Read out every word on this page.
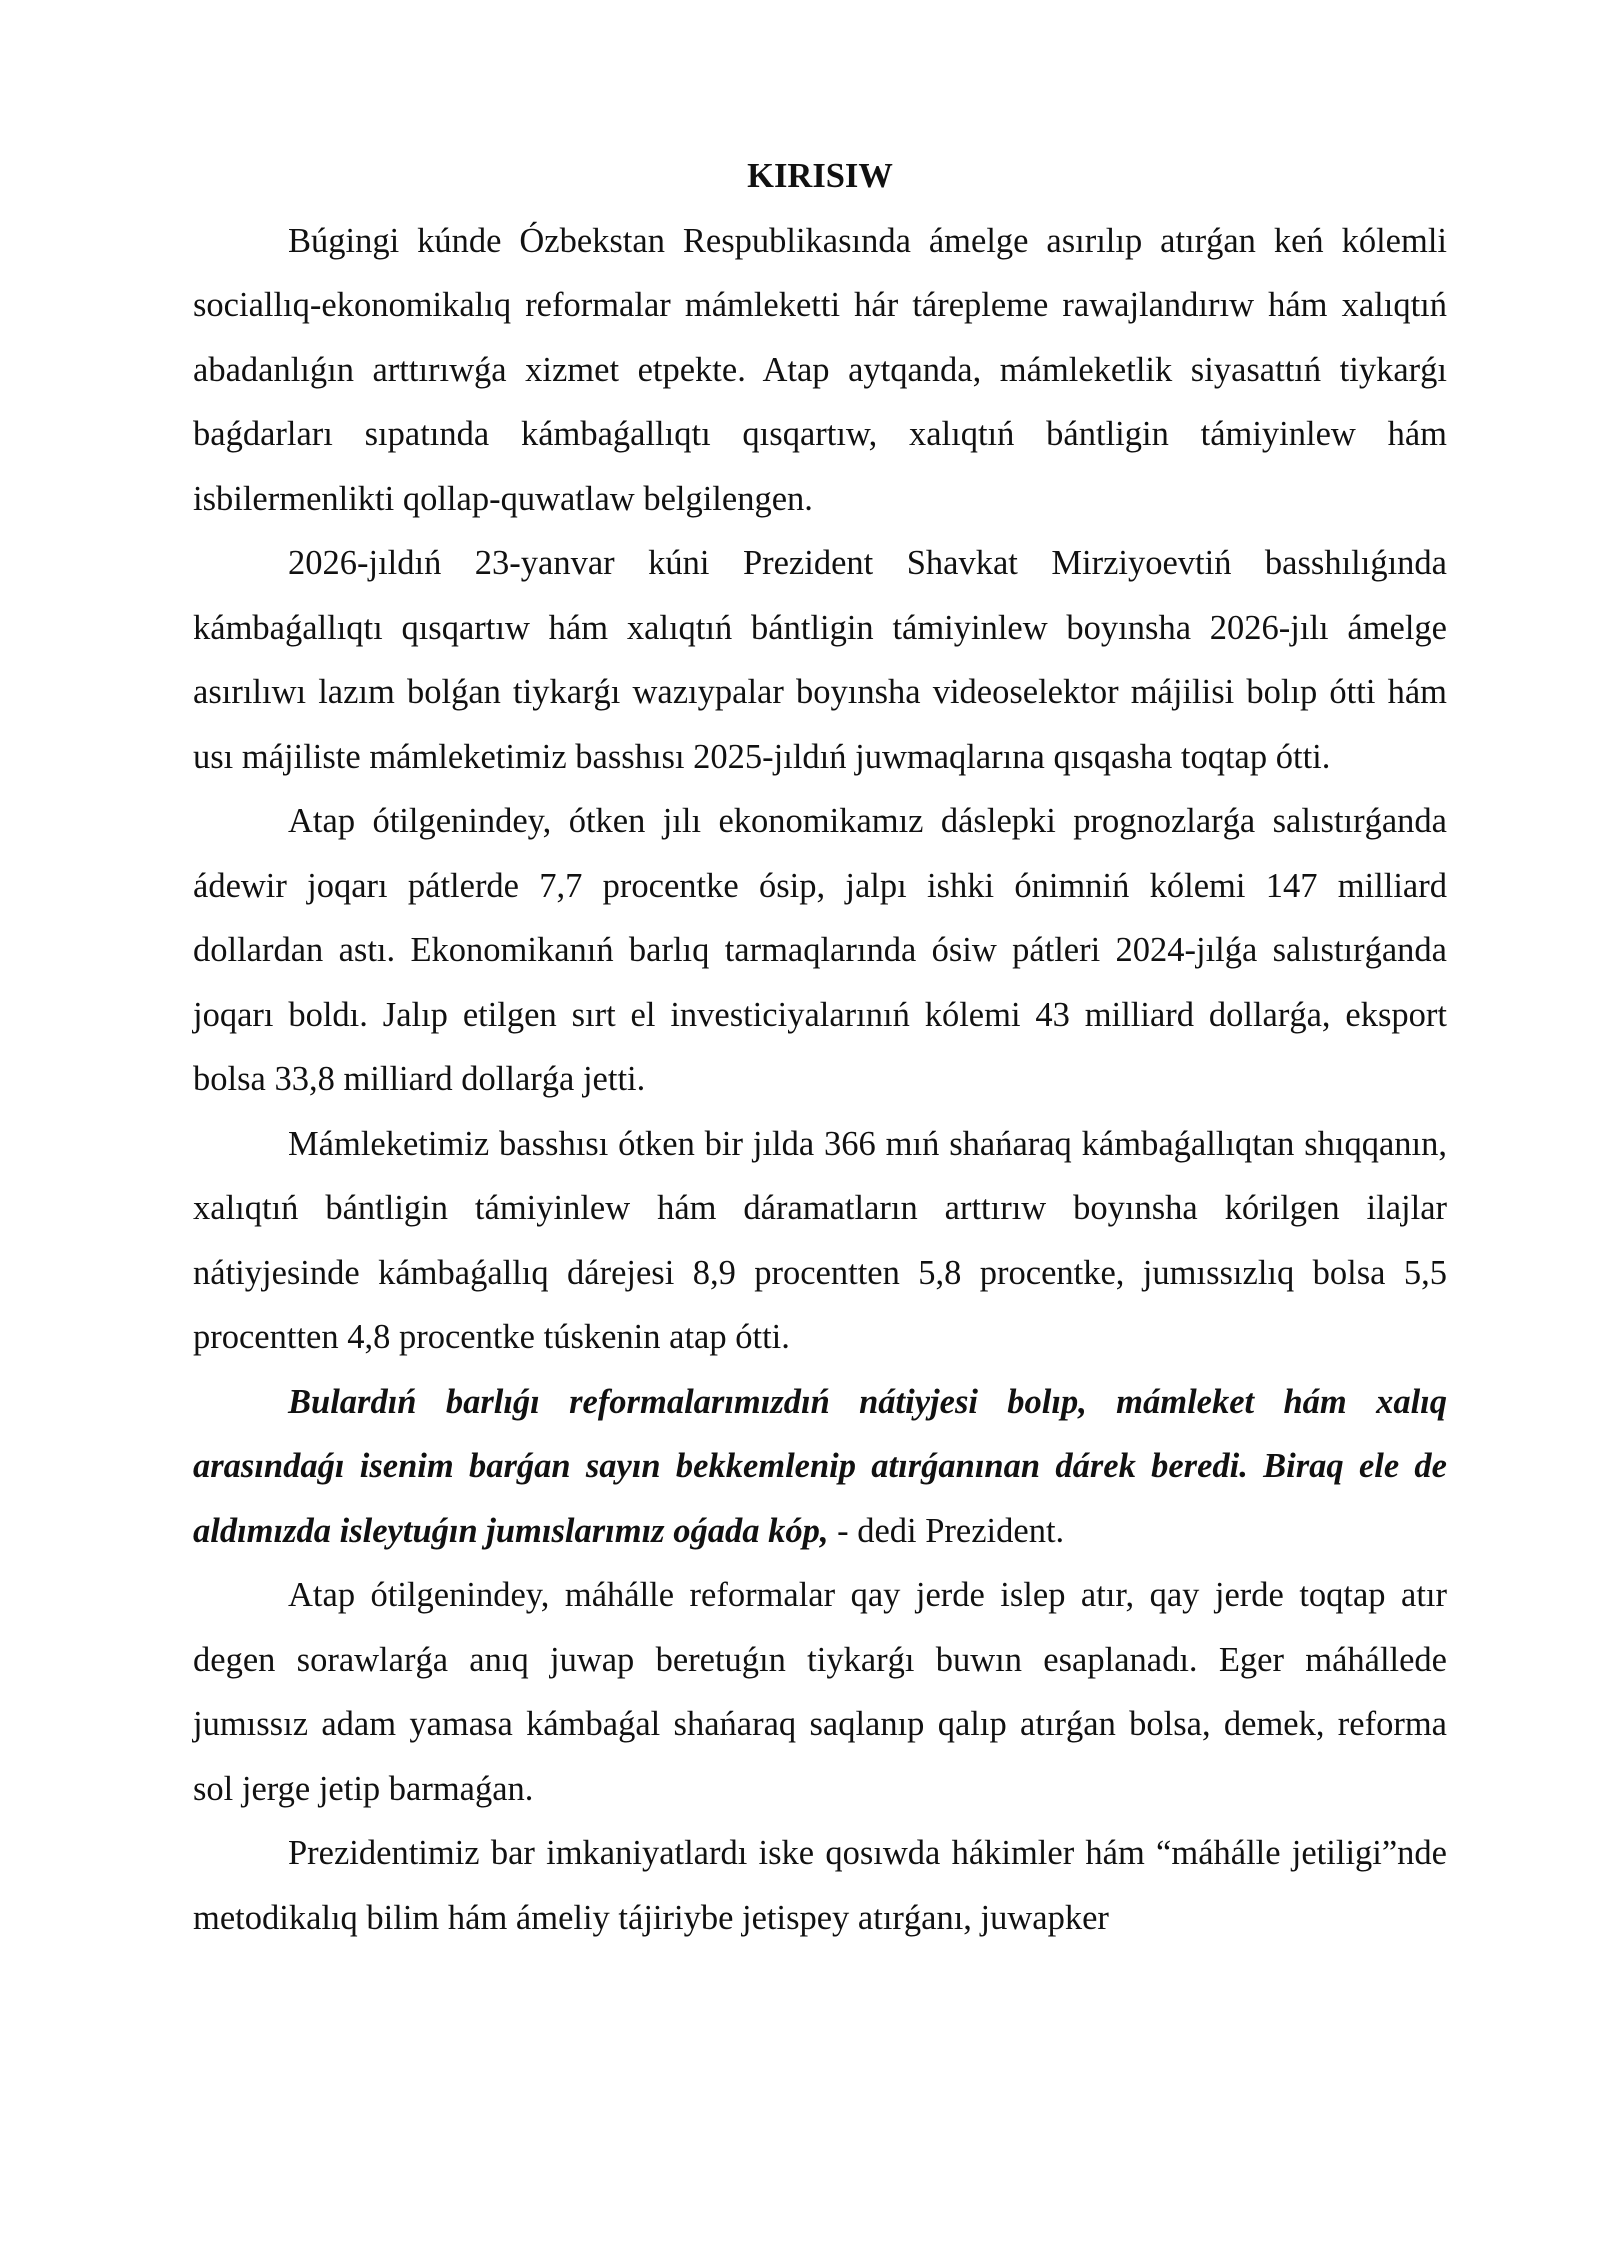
KIRISIW

Búgingi kúnde Ózbekstan Respublikasında ámelge asırılıp atırǵan keń kólemli sociallıq-ekonomikalıq reformalar mámleketti hár tárepleme rawajlandırıw hám xalıqtıń abadanlıǵın arttırıwǵa xizmet etpekte. Atap aytqanda, mámleketlik siyasattıń tiykarǵı baǵdarları sıpatında kámbaǵallıqtı qısqartıw, xalıqtıń bántligin támiyinlew hám isbilermenlikti qollap-quwatlaw belgilengen.

2026-jıldıń 23-yanvar kúni Prezident Shavkat Mirziyoevtiń basshılıǵında kámbaǵallıqtı qısqartıw hám xalıqtıń bántligin támiyinlew boyınsha 2026-jılı ámelge asırılıwı lazım bolǵan tiykarǵı wazıypalar boyınsha videoselektor májilisi bolıp ótti hám usı májiliste mámleketimiz basshısı 2025-jıldıń juwmaqlarına qısqasha toqtap ótti.

Atap ótilgenindey, ótken jılı ekonomikamız dáslepki prognozlarǵa salıstırǵanda ádewir joqarı pátlerde 7,7 procentke ósip, jalpı ishki ónimniń kólemi 147 milliard dollardan astı. Ekonomikanıń barlıq tarmaqlarında ósiw pátleri 2024-jılǵa salıstırǵanda joqarı boldı. Jalıp etilgen sırt el investiciyalarınıń kólemi 43 milliard dollarǵa, eksport bolsa 33,8 milliard dollarǵa jetti.

Mámleketimiz basshısı ótken bir jılda 366 mıń shańaraq kámbaǵallıqtan shıqqanın, xalıqtıń bántligin támiyinlew hám dáramatların arttırıw boyınsha kórilgen ilajlar nátiyjesinde kámbaǵallıq dárejesi 8,9 procentten 5,8 procentke, jumıssızlıq bolsa 5,5 procentten 4,8 procentke túskenin atap ótti.

Bulardıń barlıǵı reformalarımızdıń nátiyjesi bolıp, mámleket hám xalıq arasındaǵı isenim barǵan sayın bekkemlenip atırǵanınan dárek beredi. Biraq ele de aldımızda isleytuǵın jumıslarımız oǵada kóp, - dedi Prezident.

Atap ótilgenindey, máhálle reformalar qay jerde islep atır, qay jerde toqtap atır degen sorawlarǵa anıq juwap beretuǵın tiykarǵı buwın esaplanadı. Eger máhállede jumıssız adam yamasa kámbaǵal shańaraq saqlanıp qalıp atırǵan bolsa, demek, reforma sol jerge jetip barmaǵan.

Prezidentimiz bar imkaniyatlardı iske qosıwda hákimler hám “máhálle jetiligi”nde metodikalıq bilim hám ámeliy tájiriybe jetispey atırǵanı, juwapker
